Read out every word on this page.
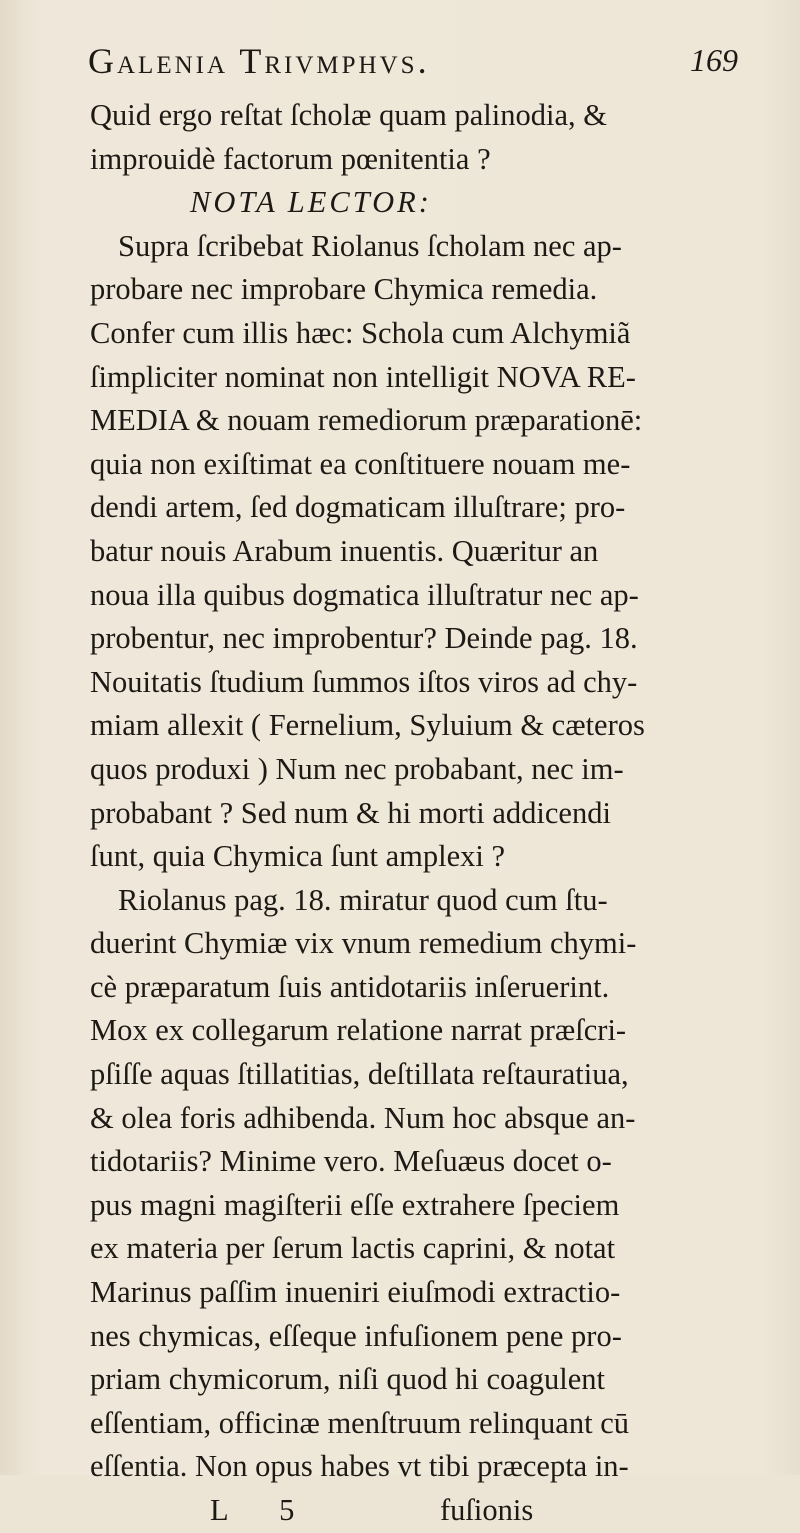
Galenia Trivmphvs.	169
Quid ergo reſtat ſcholæ quam palinodia, &
improuidè factorum pœnitentia ?
NOTA LECTOR:
Supra ſcribebat Riolanus ſcholam nec ap-
probare nec improbare Chymica remedia.
Confer cum illis hæc: Schola cum Alchymiã
ſimpliciter nominat non intelligit NOVA RE-
MEDIA & nouam remediorum præparationē:
quia non exiſtimat ea conſtituere nouam me-
dendi artem, ſed dogmaticam illuſtrare; pro-
batur nouis Arabum inuentis. Quæritur an
noua illa quibus dogmatica illuſtratur nec ap-
probentur, nec improbentur? Deinde pag. 18.
Nouitatis ſtudium ſummos iſtos viros ad chy-
miam allexit ( Fernelium, Syluium & cæteros
quos produxi ) Num nec probabant, nec im-
probabant ? Sed num & hi morti addicendi
ſunt, quia Chymica ſunt amplexi ?
Riolanus pag. 18. miratur quod cum ſtu-
duerint Chymiæ vix vnum remedium chymi-
cè præparatum ſuis antidotariis inſeruerint.
Mox ex collegarum relatione narrat præſcri-
pſiſſe aquas ſtillatitias, deſtillata reſtauratiua,
& olea foris adhibenda. Num hoc absque an-
tidotariis? Minime vero. Meſuæus docet o-
pus magni magiſterii eſſe extrahere ſpeciem
ex materia per ſerum lactis caprini, & notat
Marinus paſſim inueniri eiuſmodi extractio-
nes chymicas, eſſeque infuſionem pene pro-
priam chymicorum, niſi quod hi coagulent
eſſentiam, officinæ menſtruum relinquant cū
eſſentia. Non opus habes vt tibi præcepta in-
L 5	fuſionis
